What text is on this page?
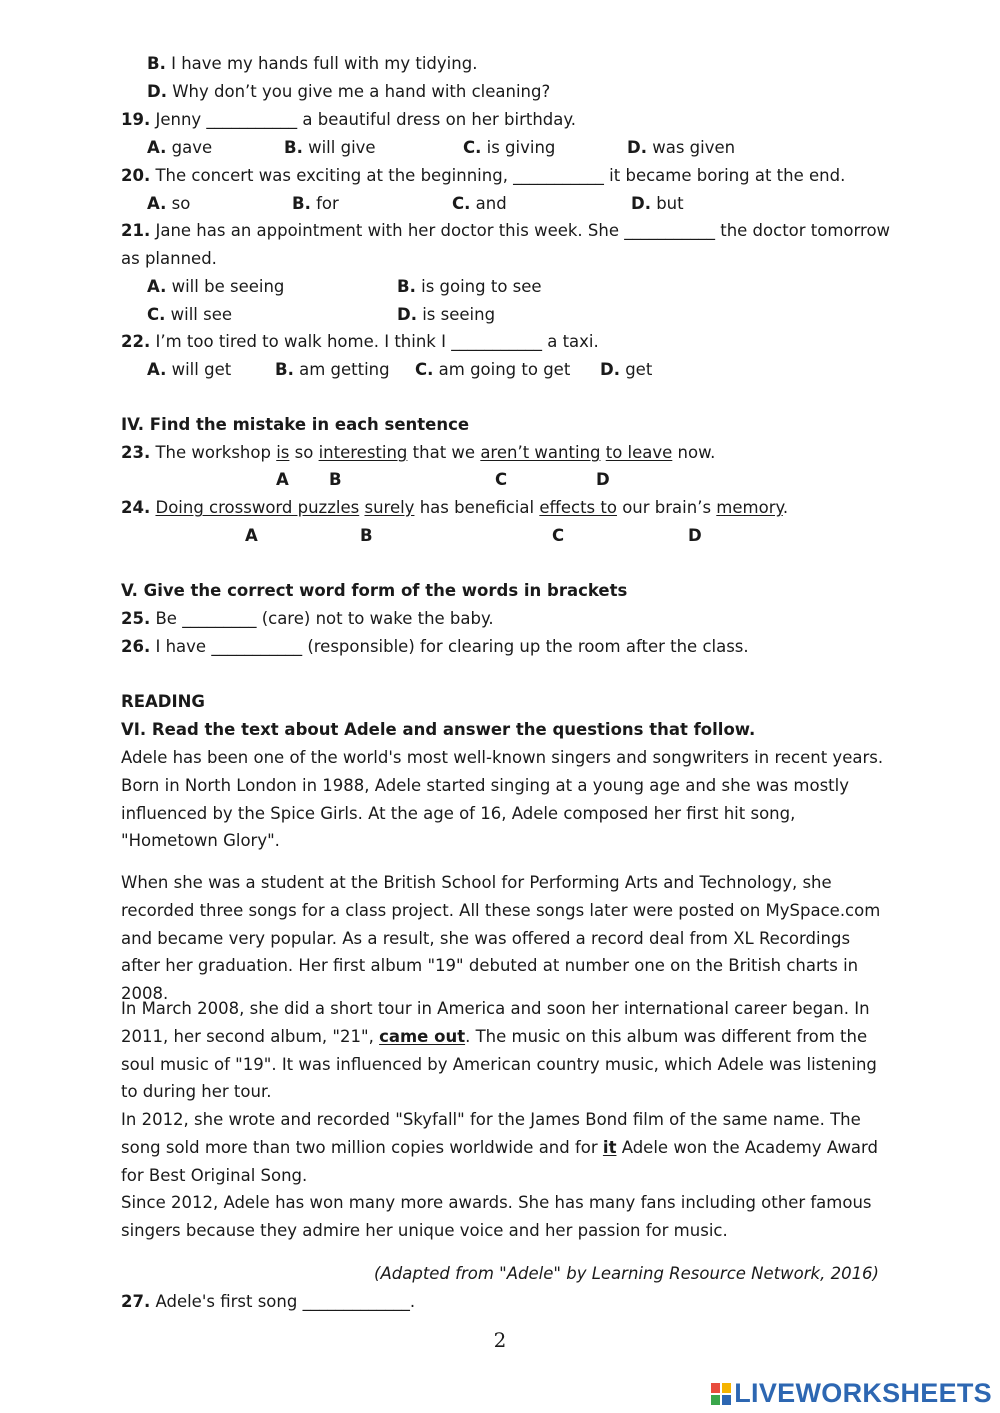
B. I have my hands full with my tidying.
D. Why don’t you give me a hand with cleaning?
19. Jenny ___________ a beautiful dress on her birthday.
A. gave	B. will give	C. is giving	D. was given
20. The concert was exciting at the beginning, ___________ it became boring at the end.
A. so	B. for	C. and	D. but
21. Jane has an appointment with her doctor this week. She ___________ the doctor tomorrow
as planned.
A. will be seeing	B. is going to see
C. will see	D. is seeing
22. I’m too tired to walk home. I think I ___________ a taxi.
A. will get	B. am getting C. am going to get D. get
IV. Find the mistake in each sentence
23. The workshop is so interesting that we aren’t wanting to leave now.
A B	C	D
24. Doing crossword puzzles surely has beneficial effects to our brain’s memory.
A	B	C	D
V. Give the correct word form of the words in brackets
25. Be _________ (care) not to wake the baby.
26. I have ___________ (responsible) for clearing up the room after the class.
READING
VI. Read the text about Adele and answer the questions that follow.
Adele has been one of the world's most well-known singers and songwriters in recent years. Born in North London in 1988, Adele started singing at a young age and she was mostly influenced by the Spice Girls. At the age of 16, Adele composed her first hit song, "Hometown Glory".
When she was a student at the British School for Performing Arts and Technology, she recorded three songs for a class project. All these songs later were posted on MySpace.com and became very popular. As a result, she was offered a record deal from XL Recordings after her graduation. Her first album "19" debuted at number one on the British charts in 2008.
In March 2008, she did a short tour in America and soon her international career began. In 2011, her second album, "21", came out. The music on this album was different from the soul music of "19". It was influenced by American country music, which Adele was listening to during her tour.
In 2012, she wrote and recorded "Skyfall" for the James Bond film of the same name. The song sold more than two million copies worldwide and for it Adele won the Academy Award for Best Original Song.
Since 2012, Adele has won many more awards. She has many fans including other famous singers because they admire her unique voice and her passion for music.
(Adapted from "Adele" by Learning Resource Network, 2016)
27. Adele's first song _____________.
2
LIVEWORKSHEETS
